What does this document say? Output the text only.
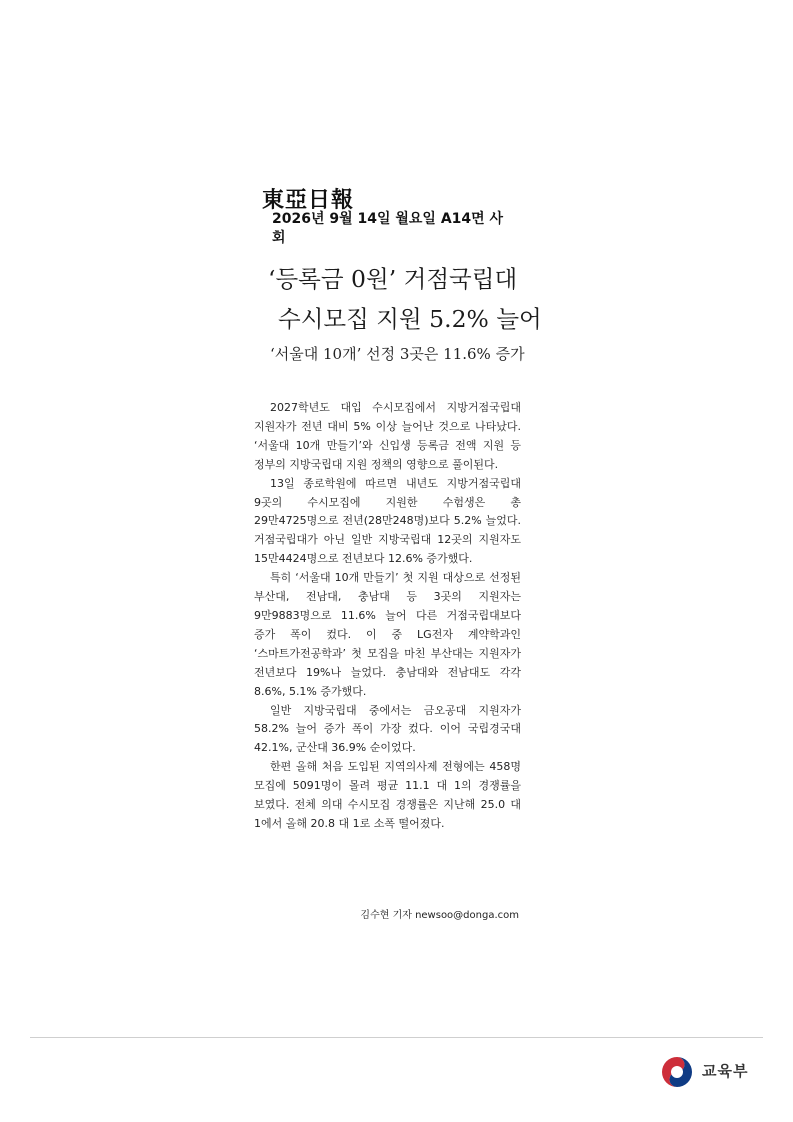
東亞日報
2026년 9월 14일 월요일 A14면 사회
‘등록금 0원’ 거점국립대
수시모집 지원 5.2% 늘어
‘서울대 10개’ 선정 3곳은 11.6% 증가

2027학년도 대입 수시모집에서 지방거점국립대 지원자가 전년 대비 5% 이상 늘어난 것으로 나타났다. ‘서울대 10개 만들기’와 신입생 등록금 전액 지원 등 정부의 지방국립대 지원 정책의 영향으로 풀이된다.

13일 종로학원에 따르면 내년도 지방거점국립대 9곳의 수시모집에 지원한 수험생은 총 29만4725명으로 전년(28만248명)보다 5.2% 늘었다. 거점국립대가 아닌 일반 지방국립대 12곳의 지원자도 15만4424명으로 전년보다 12.6% 증가했다.

특히 ‘서울대 10개 만들기’ 첫 지원 대상으로 선정된 부산대, 전남대, 충남대 등 3곳의 지원자는 9만9883명으로 11.6% 늘어 다른 거점국립대보다 증가 폭이 컸다. 이 중 LG전자 계약학과인 ‘스마트가전공학과’ 첫 모집을 마친 부산대는 지원자가 전년보다 19%나 늘었다. 충남대와 전남대도 각각 8.6%, 5.1% 증가했다.

일반 지방국립대 중에서는 금오공대 지원자가 58.2% 늘어 증가 폭이 가장 컸다. 이어 국립경국대 42.1%, 군산대 36.9% 순이었다.

한편 올해 처음 도입된 지역의사제 전형에는 458명 모집에 5091명이 몰려 평균 11.1 대 1의 경쟁률을 보였다. 전체 의대 수시모집 경쟁률은 지난해 25.0 대 1에서 올해 20.8 대 1로 소폭 떨어졌다.

김수현 기자 newsoo@donga.com
교육부
